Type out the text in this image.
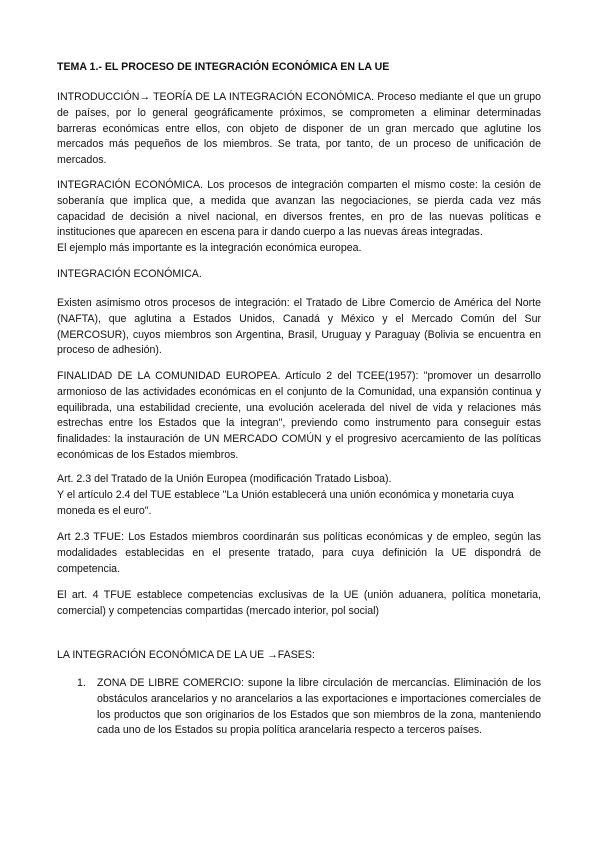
TEMA 1.- EL PROCESO DE INTEGRACIÓN ECONÓMICA EN LA UE

INTRODUCCIÓN→ TEORÍA DE LA INTEGRACIÓN ECONÓMICA. Proceso mediante el que un grupo de países, por lo general geográficamente próximos, se comprometen a eliminar determinadas barreras económicas entre ellos, con objeto de disponer de un gran mercado que aglutine los mercados más pequeños de los miembros. Se trata, por tanto, de un proceso de unificación de mercados.

INTEGRACIÓN ECONÓMICA. Los procesos de integración comparten el mismo coste: la cesión de soberanía que implica que, a medida que avanzan las negociaciones, se pierda cada vez más capacidad de decisión a nivel nacional, en diversos frentes, en pro de las nuevas políticas e instituciones que aparecen en escena para ir dando cuerpo a las nuevas áreas integradas.

El ejemplo más importante es la integración económica europea.

INTEGRACIÓN ECONÓMICA.

Existen asimismo otros procesos de integración: el Tratado de Libre Comercio de América del Norte (NAFTA), que aglutina a Estados Unidos, Canadá y México y el Mercado Común del Sur (MERCOSUR), cuyos miembros son Argentina, Brasil, Uruguay y Paraguay (Bolivia se encuentra en proceso de adhesión).

FINALIDAD DE LA COMUNIDAD EUROPEA. Artículo 2 del TCEE(1957): "promover un desarrollo armonioso de las actividades económicas en el conjunto de la Comunidad, una expansión continua y equilibrada, una estabilidad creciente, una evolución acelerada del nivel de vida y relaciones más estrechas entre los Estados que la integran", previendo como instrumento para conseguir estas finalidades: la instauración de UN MERCADO COMÚN y el progresivo acercamiento de las políticas económicas de los Estados miembros.

Art. 2.3 del Tratado de la Unión Europea (modificación Tratado Lisboa).

Y el artículo 2.4 del TUE establece "La Unión establecerá una unión económica y monetaria cuya moneda es el euro".

Art 2.3 TFUE: Los Estados miembros coordinarán sus políticas económicas y de empleo, según las modalidades establecidas en el presente tratado, para cuya definición la UE dispondrá de competencia.

El art. 4 TFUE establece competencias exclusivas de la UE (unión aduanera, política monetaria, comercial) y competencias compartidas (mercado interior, pol social)

LA INTEGRACIÓN ECONÓMICA DE LA UE →FASES:

1.	ZONA DE LIBRE COMERCIO: supone la libre circulación de mercancías. Eliminación de los obstáculos arancelarios y no arancelarios a las exportaciones e importaciones comerciales de los productos que son originarios de los Estados que son miembros de la zona, manteniendo cada uno de los Estados su propia política arancelaria respecto a terceros países.
